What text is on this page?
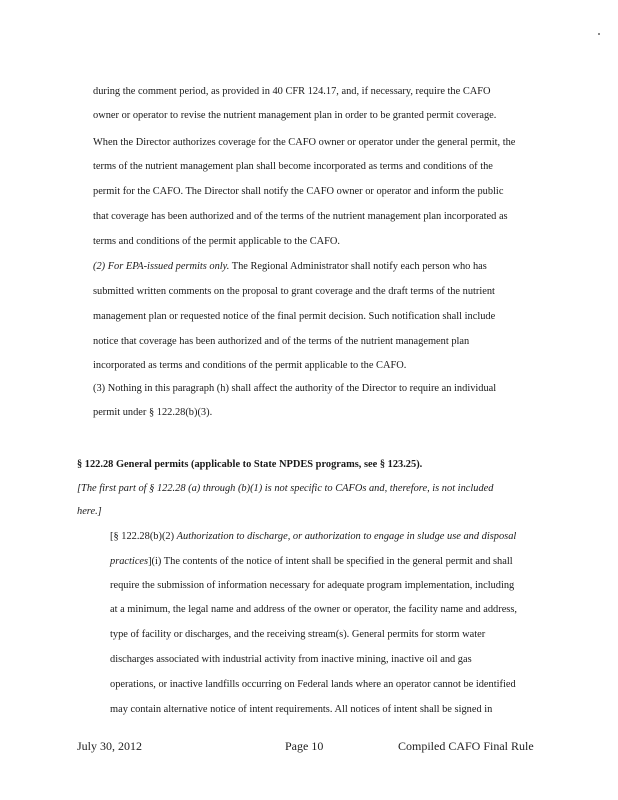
during the comment period, as provided in 40 CFR 124.17, and, if necessary, require the CAFO
owner or operator to revise the nutrient management plan in order to be granted permit coverage.
When the Director authorizes coverage for the CAFO owner or operator under the general permit, the
terms of the nutrient management plan shall become incorporated as terms and conditions of the
permit for the CAFO. The Director shall notify the CAFO owner or operator and inform the public
that coverage has been authorized and of the terms of the nutrient management plan incorporated as
terms and conditions of the permit applicable to the CAFO.
(2) For EPA-issued permits only. The Regional Administrator shall notify each person who has
submitted written comments on the proposal to grant coverage and the draft terms of the nutrient
management plan or requested notice of the final permit decision. Such notification shall include
notice that coverage has been authorized and of the terms of the nutrient management plan
incorporated as terms and conditions of the permit applicable to the CAFO.
(3) Nothing in this paragraph (h) shall affect the authority of the Director to require an individual
permit under § 122.28(b)(3).
§ 122.28 General permits (applicable to State NPDES programs, see § 123.25).
[The first part of § 122.28 (a) through (b)(1) is not specific to CAFOs and, therefore, is not included
here.]
[§ 122.28(b)(2) Authorization to discharge, or authorization to engage in sludge use and disposal
practices](i) The contents of the notice of intent shall be specified in the general permit and shall
require the submission of information necessary for adequate program implementation, including
at a minimum, the legal name and address of the owner or operator, the facility name and address,
type of facility or discharges, and the receiving stream(s). General permits for storm water
discharges associated with industrial activity from inactive mining, inactive oil and gas
operations, or inactive landfills occurring on Federal lands where an operator cannot be identified
may contain alternative notice of intent requirements. All notices of intent shall be signed in
July 30, 2012	Page 10	Compiled CAFO Final Rule
